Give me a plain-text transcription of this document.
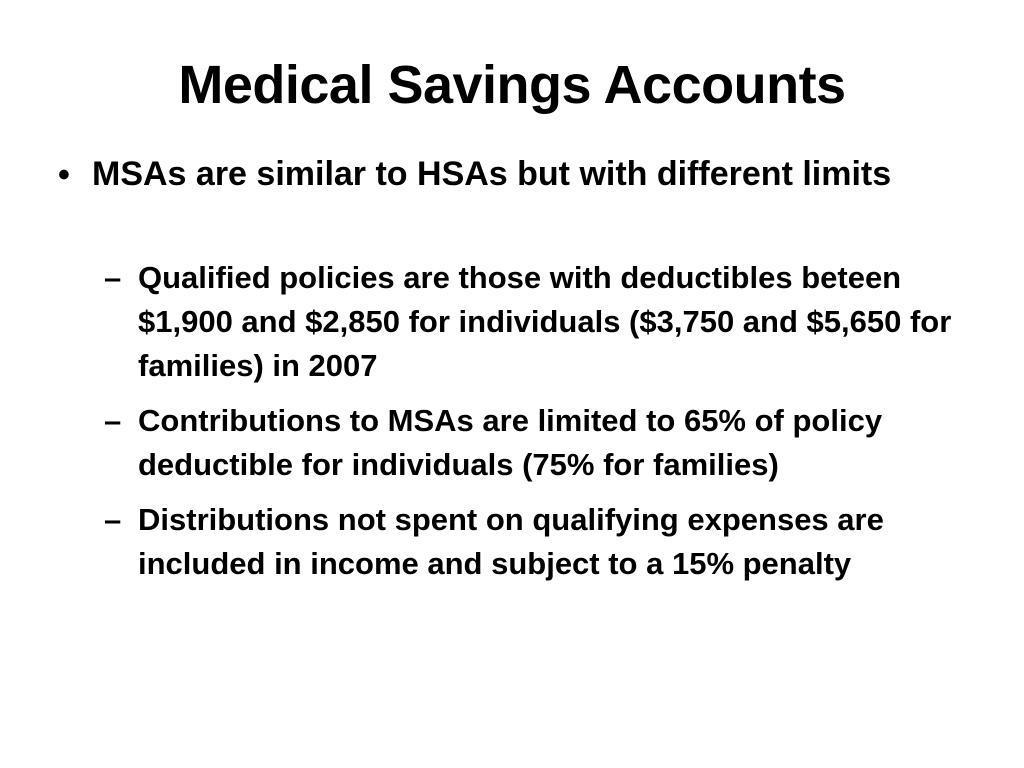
Medical Savings Accounts
• MSAs are similar to HSAs but with different limits
– Qualified policies are those with deductibles beteen $1,900 and $2,850 for individuals ($3,750 and $5,650 for families) in 2007
– Contributions to MSAs are limited to 65% of policy deductible for individuals (75% for families)
– Distributions not spent on qualifying expenses are included in income and subject to a 15% penalty
